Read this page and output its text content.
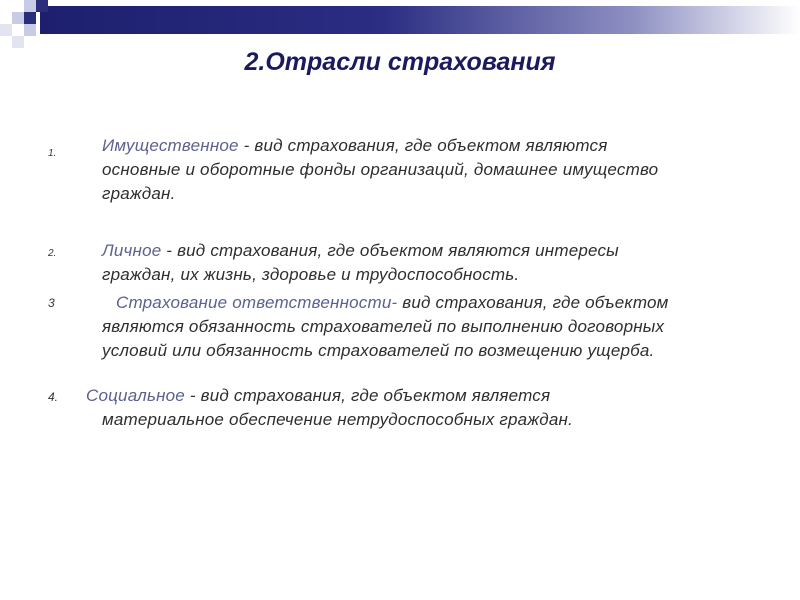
2.Отрасли страхования
1.	Имущественное - вид страхования, где объектом являются
основные и оборотные фонды организаций, домашнее имущество
граждан.
2.	Личное - вид страхования, где объектом являются интересы
граждан, их жизнь, здоровье и трудоспособность.
3	Страхование ответственности- вид страхования, где объектом
являются обязанность страхователей по выполнению договорных
условий или обязанность страхователей по возмещению ущерба.
4. Социальное - вид страхования, где объектом является
материальное обеспечение нетрудоспособных граждан.
